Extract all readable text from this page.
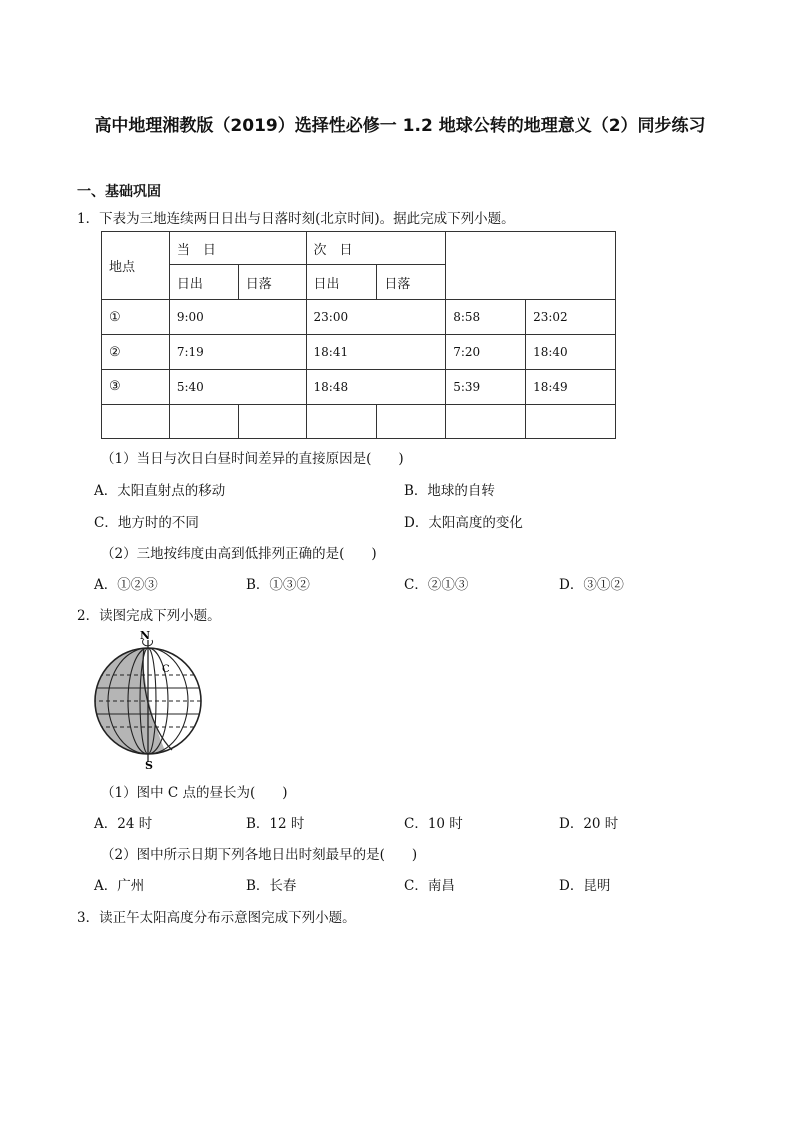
高中地理湘教版（2019）选择性必修一 1.2 地球公转的地理意义（2）同步练习
一、基础巩固
1．下表为三地连续两日日出与日落时刻(北京时间)。据此完成下列小题。
地点	当　日		次　日			
	日出	日落	日出	日落		
①	9:00		23:00		8:58	23:02
②	7:19		18:41		7:20	18:40
③	5:40		18:48		5:39	18:49

（1）当日与次日白昼时间差异的直接原因是(　　)
A．太阳直射点的移动	B．地球的自转
C．地方时的不同	D．太阳高度的变化
（2）三地按纬度由高到低排列正确的是(　　)
A．①②③	B．①③②	C．②①③	D．③①②
2．读图完成下列小题。
N
S
C
（1）图中 C 点的昼长为(　　)
A．24 时	B．12 时	C．10 时	D．20 时
（2）图中所示日期下列各地日出时刻最早的是(　　)
A．广州	B．长春	C．南昌	D．昆明
3．读正午太阳高度分布示意图完成下列小题。
